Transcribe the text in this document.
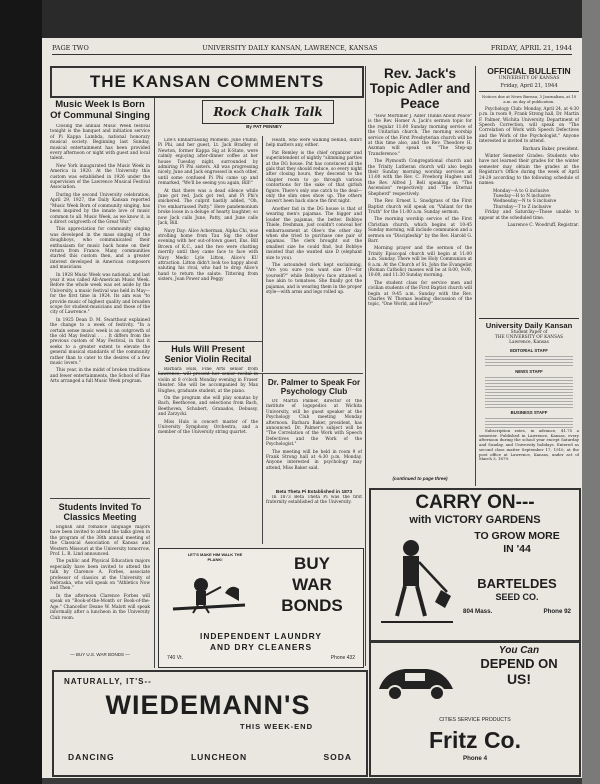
PAGE TWO	UNIVERSITY DAILY KANSAN, LAWRENCE, KANSAS	FRIDAY, APRIL 21, 1944
THE KANSAN COMMENTS
Music Week Is Born Of Communal Singing

Closing the annual Music Week festival tonight is the banquet and initiation service of Pi Kappa Lambda, national honorary musical society. Beginning last Sunday, musical entertainment has been provided every afternoon or night with guest and local talent.

New York inaugurated the Music Week in America in 1920. At the University this custom was established in 1926 under the supervision of the Lawrence Musical Festival Association.

During the second University celebration, April 29, 1927, the Daily Kansan reported "Music Week Born of community singing, has been inspired by the innate love of music common to all. Music Week, as we know it, is a direct outgrowth of the Great War."

This appreciation for community singing was developed in the mass singing of the doughboys, who communicated their enthusiasm for music back home on their return from France. Many communities started this custom then, and a greater interest developed in American composers and musicians.

In 1928 Music Week was national, and last year it was called All-American Music Week. Before the whole week was set aside by the University, a music festival was held in May—for the first time in 1924. Its aim was "to provide music of highest quality and broaden scope for student-musicians and those of the city of Lawrence."

In 1925 Dean D. M. Swarthout explained the change to a week of festivity. "In a certain sense music week is an outgrowth of the old May festival . . . It differs from the previous custom of May Festival, in that it seeks to a greater extent to elevate the general musical standards of the community rather than to cater to the desires of a few music lovers."

This year, in the midst of broken traditions and fewer entertainments, the School of Fine Arts arranged a full Music Week program.

Students Invited To Classics Meeting

English and romance language majors have been invited to attend the talks given in the program of the 38th annual meeting of the Classical Association of Kansas and Western Missouri at the University tomorrow, Prof. L. R. Lind announced.

The public and Physical Education majors especially have been invited to attend the talk by Clarence A. Forbes, associate professor of classics at the University of Nebraska, who will speak on "Athletics Now and Then."

In the afternoon Clarence Forbes will speak on "Book-of-the-Month or Book-of-the-Age." Chancellor Deane W. Malott will speak informally after a luncheon in the University Club room.

— BUY U.S. WAR BONDS —
Rock Chalk Talk
By PAT PENNEY

Life's Embarrassing Moment: June Plumb, Pi Phi, and her guest, Lt. Jack Bradley of Newton, former Kappa Sig at K-State, were calmly enjoying after-dinner coffee at her house Tuesday night, surrounded by admiring Pi Phi sisters. All was progressing nicely, June and Jack engrossed in each other, until some confused Pi Phi came up and remarked, "We'll be seeing you again, Bill!"

At that there was a dead silence while June got red, Jack got red, and Pi Phi's snickered. The culprit hastily added, "Oh, I've embarrassed Patty." Here pandemonium broke loose in a deluge of hearty laughter; so now Jack calls June, Patty, and June calls Jack, Bill.

Navy Day: Alice Ackerman, Alpha Chi, was strolling home from Tau Sig the other evening with her out-of-town guest, Ens. Bill Brown of K.C., and the two were chatting merrily until they came face to face with Navy Medic Lyle Litton, Alice's KU attraction. Litton didn't look too happy about saluting his rival, who had to drop Alice's hand to return the salute. Tittering from sisters, Joan Power and Peggy

Heath, who were walking behind, didn't help matters any, either.

Pat Remley is the chief organizer and superintendent of nightly "slimming parties at the DG house. Pat has convinced all the gals that they should reduce, so every night after closing hours, they descend to the chapter room to go through various contortions for the sake of that girlish figure. There's only one catch to the deal—only the slim ones show up. The others haven't been back since the first night.

Another fad in the DG house is that of wearing men's pajamas. The bigger and louder the pajamas, the better. Bobbye Thiele, freshman, just couldn't conceal her embarrassment at Olee's the other day when she tried to purchase one pair of pajamas. The clerk brought out the smallest size he could find, but Bobbye insisted that she wanted size D (elephant size to you).

The astounded clerk kept exclaiming, "Are you sure you want size D?—for yourself?" while Bobbye's face attained a hue akin to tomatoes. She finally got the pajamas, and is wearing them in the proper style—with arms and legs rolled up.

Huls Will Present Senior Violin Recital

Barbara Huls, Fine Arts senior from Lawrence, will present her senior recital in violin at 8 o'clock Monday evening in Fraser theater. She will be accompanied by Max Hughes, graduate student, at the piano.

On the program she will play sonatas by Bach, Beethoven, and selections from Bach, Beethoven, Schubert, Granados, Debussy, and Zarzycki.

Miss Huls is concert master of the University Symphony Orchestra, and a member of the University string quartet.

Dr. Palmer to Speak For Psychology Club

Dr. Martin Palmer, director of the institute of logopedics at Wichita University, will be guest speaker at the Psychology Club meeting Monday afternoon. Barbara Baker, president, has announced. Dr. Palmer's subject will be "The Correlation of the Work with Speech Defectives and the Work of the Psychologist."

The meeting will be held in room 9 of Frank Strong hall at 4:30 p.m. Monday. Anyone interested in psychology may attend, Miss Baker said.

Beta Theta Pi Established in 1873

In 1873 Beta Theta Pi was the first fraternity established at the University.

LET'S MAKE HIM WALK THE PLANK!	BUY
WAR
BONDS
INDEPENDENT LAUNDRY
AND DRY CLEANERS
740 Vt.	Phone 432
Rev. Jack's Topic Adler and Peace

"How Mortimer J. Adler Thinks About Peace" is the Rev. Homer A. Jack's sermon topic for the regular 11:00 Sunday morning service of the Unitarian church. The morning worship service of the First Presbyterian church will be at this time also, and the Rev. Theodore H. Aszman will speak on "The Step-up Transference."

The Plymouth Congregational church and the Trinity Lutheran church will also begin their Sunday morning worship services at 11:00 with the Rev. C. Freeborg Hughes and the Rev. Alfred J. Bell speaking on "The Ascension" respectively and "The Eternal Shepherd" respectively.

The Rev. Ernest L. Snodgrass of the First Baptist church will speak on "Valiant for the Truth" for the 11:00 a.m. Sunday sermon.

The morning worship service of the First Christian church, which begins at 10:45 Sunday morning, will include communion and a sermon on "Discipleship" by the Rev. Harold G. Barr.

Morning prayer and the sermon of the Trinity Episcopal church will begin at 11:00 a.m. Sunday. There will be Holy Communion at 8 a.m. At the Church of St. John the Evangelist (Roman Catholic) masses will be at 8:00, 9:00, 10:00, and 11:30 Sunday morning.

The student class for service men and civilian students of the First Baptist church will begin at 9:45 a.m. Sunday with the Rev. Charles W. Thomas leading discussion of the topic, "One World, and How?"

(continued to page three)
OFFICIAL BULLETIN
UNIVERSITY OF KANSAS
Friday, April 21, 1944

Notices due at News Bureau, 3 Journalism, at 10 a.m. on day of publication.

Psychology Club: Monday, April 24, at 4:30 p.m. in room 9, Frank Strong hall, Dr. Martin F. Palmer, Wichita University, Department of Speech Correction, will speak on "The Correlation of Work with Speech Defectives and the Work of the Psychologist." Anyone interested is invited to attend.

Barbara Baker, president.

Winter Semester Grades: Students who have not learned their grades for the winter semester may obtain the grades at the Registrar's Office during the week of April 24-29 according to the following schedule of names:

Monday—A to G inclusive

Tuesday—H to N inclusive

Wednesday—N to S inclusive

Thursday—T to Z inclusive

Friday and Saturday—Those unable to appear at the scheduled time.

Laurence C. Woodruff, Registrar.

University Daily Kansan
Student Paper of
THE UNIVERSITY OF KANSAS
Lawrence, Kansas
EDITORIAL STAFF
NEWS STAFF
BUSINESS STAFF

Subscription rates, in advance, $1.75 a semester. Published in Lawrence, Kansas, every afternoon during the school year except Saturday and Sunday, and University holidays. Entered as second class matter September 17, 1910, at the post office at Lawrence, Kansas, under act of March 3, 1879.

CARRY ON---
with VICTORY GARDENS
TO GROW MORE
IN '44
BARTELDES
SEED CO.
804 Mass.	Phone 92
You Can
DEPEND ON
US!
CITIES SERVICE PRODUCTS
Fritz Co.
Phone 4
NATURALLY, IT'S--
WIEDEMANN'S
THIS WEEK-END
DANCING	LUNCHEON	SODA
